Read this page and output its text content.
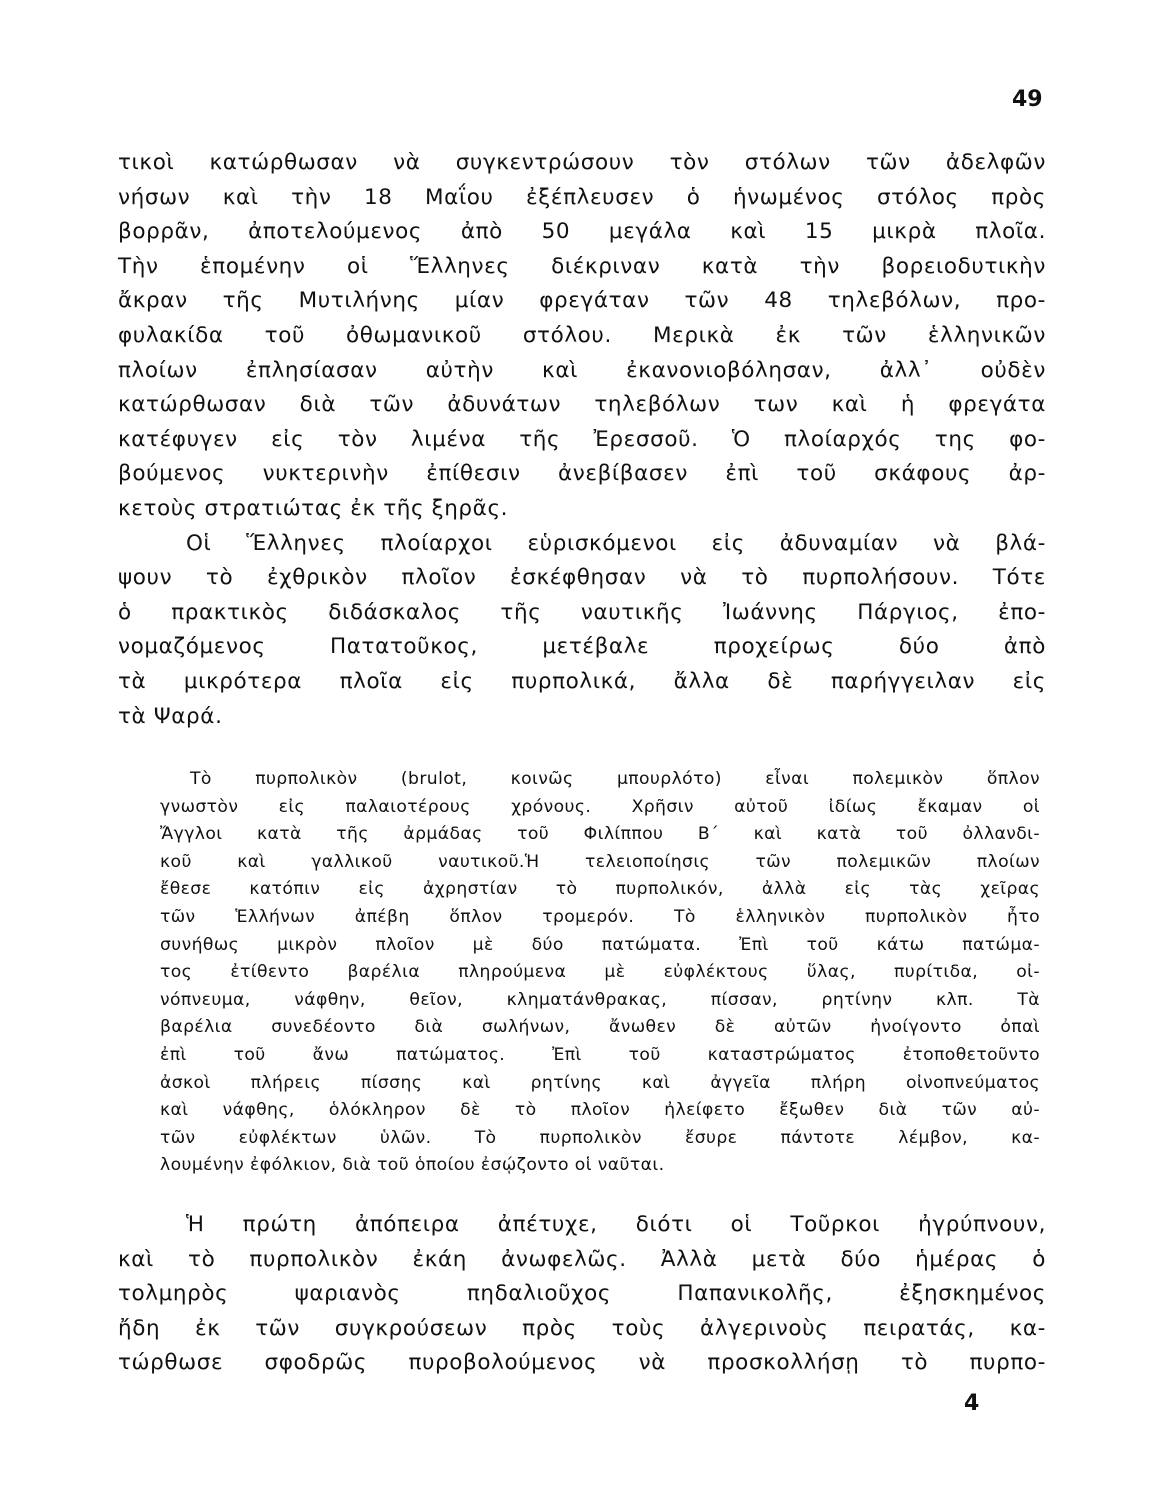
49
τικοὶ κατώρθωσαν νὰ συγκεντρώσουν τὸν στόλων τῶν ἀδελφῶν
νήσων καὶ τὴν 18 Μαΐου ἐξέπλευσεν ὁ ἡνωμένος στόλος πρὸς
βορρᾶν, ἀποτελούμενος ἀπὸ 50 μεγάλα καὶ 15 μικρὰ πλοῖα.
Τὴν ἑπομένην οἱ Ἕλληνες διέκριναν κατὰ τὴν βορειοδυτικὴν
ἄκραν τῆς Μυτιλήνης μίαν φρεγάταν τῶν 48 τηλεβόλων, προ-
φυλακίδα τοῦ ὀθωμανικοῦ στόλου. Μερικὰ ἐκ τῶν ἑλληνικῶν
πλοίων ἐπλησίασαν αὐτὴν καὶ ἐκανονιοβόλησαν, ἀλλ᾽ οὐδὲν
κατώρθωσαν διὰ τῶν ἀδυνάτων τηλεβόλων των καὶ ἡ φρεγάτα
κατέφυγεν εἰς τὸν λιμένα τῆς Ἐρεσσοῦ. Ὁ πλοίαρχός της φο-
βούμενος νυκτερινὴν ἐπίθεσιν ἀνεβίβασεν ἐπὶ τοῦ σκάφους ἀρ-
κετοὺς στρατιώτας ἐκ τῆς ξηρᾶς.
Οἱ Ἕλληνες πλοίαρχοι εὑρισκόμενοι εἰς ἀδυναμίαν νὰ βλά-
ψουν τὸ ἐχθρικὸν πλοῖον ἐσκέφθησαν νὰ τὸ πυρπολήσουν. Τότε
ὁ πρακτικὸς διδάσκαλος τῆς ναυτικῆς Ἰωάννης Πάργιος, ἐπο-
νομαζόμενος Πατατοῦκος, μετέβαλε προχείρως δύο ἀπὸ
τὰ μικρότερα πλοῖα εἰς πυρπολικά, ἄλλα δὲ παρήγγειλαν εἰς
τὰ Ψαρά.
Τὸ πυρπολικὸν (brulot, κοινῶς μπουρλότο) εἶναι πολεμικὸν ὅπλον
γνωστὸν εἰς παλαιοτέρους χρόνους. Χρῆσιν αὐτοῦ ἰδίως ἔκαμαν οἱ
Ἄγγλοι κατὰ τῆς ἀρμάδας τοῦ Φιλίππου Β´ καὶ κατὰ τοῦ ὀλλανδι-
κοῦ καὶ γαλλικοῦ ναυτικοῦ.Ἡ τελειοποίησις τῶν πολεμικῶν πλοίων
ἔθεσε κατόπιν εἰς ἀχρηστίαν τὸ πυρπολικόν, ἀλλὰ εἰς τὰς χεῖρας
τῶν Ἑλλήνων ἀπέβη ὅπλον τρομερόν. Τὸ ἑλληνικὸν πυρπολικὸν ἦτο
συνήθως μικρὸν πλοῖον μὲ δύο πατώματα. Ἐπὶ τοῦ κάτω πατώμα-
τος ἐτίθεντο βαρέλια πληρούμενα μὲ εὐφλέκτους ὕλας, πυρίτιδα, οἰ-
νόπνευμα, νάφθην, θεῖον, κληματάνθρακας, πίσσαν, ρητίνην κλπ. Τὰ
βαρέλια συνεδέοντο διὰ σωλήνων, ἄνωθεν δὲ αὐτῶν ἠνοίγοντο ὀπαὶ
ἐπὶ τοῦ ἄνω πατώματος. Ἐπὶ τοῦ καταστρώματος ἐτοποθετοῦντο
ἀσκοὶ πλήρεις πίσσης καὶ ρητίνης καὶ ἀγγεῖα πλήρη οἰνοπνεύματος
καὶ νάφθης, ὁλόκληρον δὲ τὸ πλοῖον ἠλείφετο ἔξωθεν διὰ τῶν αὐ-
τῶν εὐφλέκτων ὑλῶν. Τὸ πυρπολικὸν ἔσυρε πάντοτε λέμβον, κα-
λουμένην ἐφόλκιον, διὰ τοῦ ὁποίου ἐσῴζοντο οἱ ναῦται.
Ἡ πρώτη ἀπόπειρα ἀπέτυχε, διότι οἱ Τοῦρκοι ἠγρύπνουν,
καὶ τὸ πυρπολικὸν ἐκάη ἀνωφελῶς. Ἀλλὰ μετὰ δύο ἡμέρας ὁ
τολμηρὸς ψαριανὸς πηδαλιοῦχος Παπανικολῆς, ἐξησκημένος
ἤδη ἐκ τῶν συγκρούσεων πρὸς τοὺς ἀλγερινοὺς πειρατάς, κα-
τώρθωσε σφοδρῶς πυροβολούμενος νὰ προσκολλήσῃ τὸ πυρπο-
4
